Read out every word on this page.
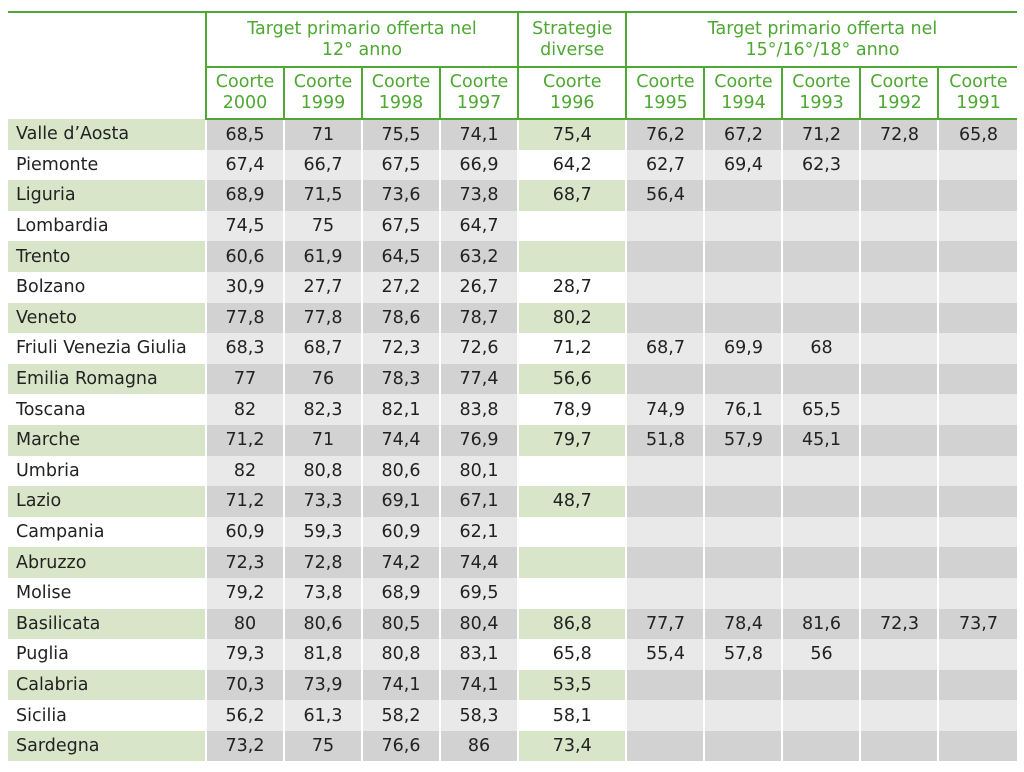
	Target primario offerta nel 12° anno				Strategie diverse	Target primario offerta nel 15°/16°/18° anno				
	Coorte 2000	Coorte 1999	Coorte 1998	Coorte 1997	Coorte 1996	Coorte 1995	Coorte 1994	Coorte 1993	Coorte 1992	Coorte 1991
Valle d’Aosta	68,5	71	75,5	74,1	75,4	76,2	67,2	71,2	72,8	65,8
Piemonte	67,4	66,7	67,5	66,9	64,2	62,7	69,4	62,3		
Liguria	68,9	71,5	73,6	73,8	68,7	56,4				
Lombardia	74,5	75	67,5	64,7						
Trento	60,6	61,9	64,5	63,2						
Bolzano	30,9	27,7	27,2	26,7	28,7					
Veneto	77,8	77,8	78,6	78,7	80,2					
Friuli Venezia Giulia	68,3	68,7	72,3	72,6	71,2	68,7	69,9	68		
Emilia Romagna	77	76	78,3	77,4	56,6					
Toscana	82	82,3	82,1	83,8	78,9	74,9	76,1	65,5		
Marche	71,2	71	74,4	76,9	79,7	51,8	57,9	45,1		
Umbria	82	80,8	80,6	80,1						
Lazio	71,2	73,3	69,1	67,1	48,7					
Campania	60,9	59,3	60,9	62,1						
Abruzzo	72,3	72,8	74,2	74,4						
Molise	79,2	73,8	68,9	69,5						
Basilicata	80	80,6	80,5	80,4	86,8	77,7	78,4	81,6	72,3	73,7
Puglia	79,3	81,8	80,8	83,1	65,8	55,4	57,8	56		
Calabria	70,3	73,9	74,1	74,1	53,5					
Sicilia	56,2	61,3	58,2	58,3	58,1					
Sardegna	73,2	75	76,6	86	73,4					
